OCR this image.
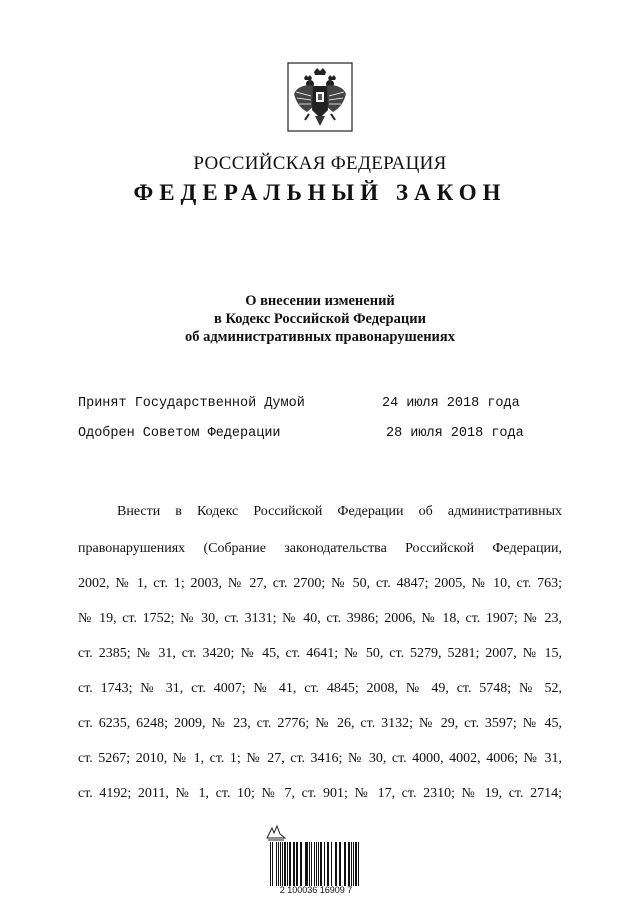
РОССИЙСКАЯ ФЕДЕРАЦИЯ
ФЕДЕРАЛЬНЫЙ ЗАКОН
О внесении изменений
в Кодекс Российской Федерации
об административных правонарушениях
Принят Государственной Думой	24 июля 2018 года
Одобрен Советом Федерации	28 июля 2018 года
Внести в Кодекс Российской Федерации об административных
правонарушениях (Собрание законодательства Российской Федерации,
2002, № 1, ст. 1; 2003, № 27, ст. 2700; № 50, ст. 4847; 2005, № 10, ст. 763;
№ 19, ст. 1752; № 30, ст. 3131; № 40, ст. 3986; 2006, № 18, ст. 1907; № 23,
ст. 2385; № 31, ст. 3420; № 45, ст. 4641; № 50, ст. 5279, 5281; 2007, № 15,
ст. 1743; № 31, ст. 4007; № 41, ст. 4845; 2008, № 49, ст. 5748; № 52,
ст. 6235, 6248; 2009, № 23, ст. 2776; № 26, ст. 3132; № 29, ст. 3597; № 45,
ст. 5267; 2010, № 1, ст. 1; № 27, ст. 3416; № 30, ст. 4000, 4002, 4006; № 31,
ст. 4192; 2011, № 1, ст. 10; № 7, ст. 901; № 17, ст. 2310; № 19, ст. 2714;
2 100036 16909 7
